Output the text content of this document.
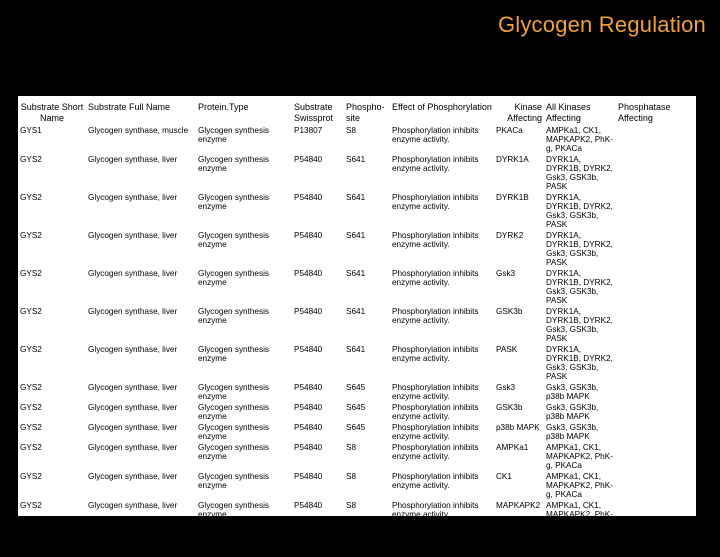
Glycogen Regulation
Substrate Short Name	Substrate Full Name	Protein.Type	Substrate Swissprot	Phospho-site	Effect of Phosphorylation	Kinase Affecting	All Kinases Affecting	Phosphatase Affecting
GYS1	Glycogen synthase, muscle	Glycogen synthesis enzyme	P13807	S8	Phosphorylation inhibits enzyme activity.	PKACa	AMPKa1, CK1, MAPKAPK2, PhK-g, PKACa	
GYS2	Glycogen synthase, liver	Glycogen synthesis enzyme	P54840	S641	Phosphorylation inhibits enzyme activity.	DYRK1A	DYRK1A, DYRK1B, DYRK2, Gsk3, GSK3b, PASK	
GYS2	Glycogen synthase, liver	Glycogen synthesis enzyme	P54840	S641	Phosphorylation inhibits enzyme activity.	DYRK1B	DYRK1A, DYRK1B, DYRK2, Gsk3, GSK3b, PASK	
GYS2	Glycogen synthase, liver	Glycogen synthesis enzyme	P54840	S641	Phosphorylation inhibits enzyme activity.	DYRK2	DYRK1A, DYRK1B, DYRK2, Gsk3, GSK3b, PASK	
GYS2	Glycogen synthase, liver	Glycogen synthesis enzyme	P54840	S641	Phosphorylation inhibits enzyme activity.	Gsk3	DYRK1A, DYRK1B, DYRK2, Gsk3, GSK3b, PASK	
GYS2	Glycogen synthase, liver	Glycogen synthesis enzyme	P54840	S641	Phosphorylation inhibits enzyme activity.	GSK3b	DYRK1A, DYRK1B, DYRK2, Gsk3, GSK3b, PASK	
GYS2	Glycogen synthase, liver	Glycogen synthesis enzyme	P54840	S641	Phosphorylation inhibits enzyme activity.	PASK	DYRK1A, DYRK1B, DYRK2, Gsk3, GSK3b, PASK	
GYS2	Glycogen synthase, liver	Glycogen synthesis enzyme	P54840	S645	Phosphorylation inhibits enzyme activity.	Gsk3	Gsk3, GSK3b, p38b MAPK	
GYS2	Glycogen synthase, liver	Glycogen synthesis enzyme	P54840	S645	Phosphorylation inhibits enzyme activity.	GSK3b	Gsk3, GSK3b, p38b MAPK	
GYS2	Glycogen synthase, liver	Glycogen synthesis enzyme	P54840	S645	Phosphorylation inhibits enzyme activity.	p38b MAPK	Gsk3, GSK3b, p38b MAPK	
GYS2	Glycogen synthase, liver	Glycogen synthesis enzyme	P54840	S8	Phosphorylation inhibits enzyme activity.	AMPKa1	AMPKa1, CK1, MAPKAPK2, PhK-g, PKACa	
GYS2	Glycogen synthase, liver	Glycogen synthesis enzyme	P54840	S8	Phosphorylation inhibits enzyme activity.	CK1	AMPKa1, CK1, MAPKAPK2, PhK-g, PKACa	
GYS2	Glycogen synthase, liver	Glycogen synthesis enzyme	P54840	S8	Phosphorylation inhibits enzyme activity.	MAPKAPK2	AMPKa1, CK1, MAPKAPK2, PhK-g, PKACa	
GYS2	Glycogen synthase, liver	Glycogen synthesis enzyme	P54840	S8	Phosphorylation inhibits enzyme activity.	PhK-g	AMPKa1, CK1, MAPKAPK2, PhK-g, PKACa	
